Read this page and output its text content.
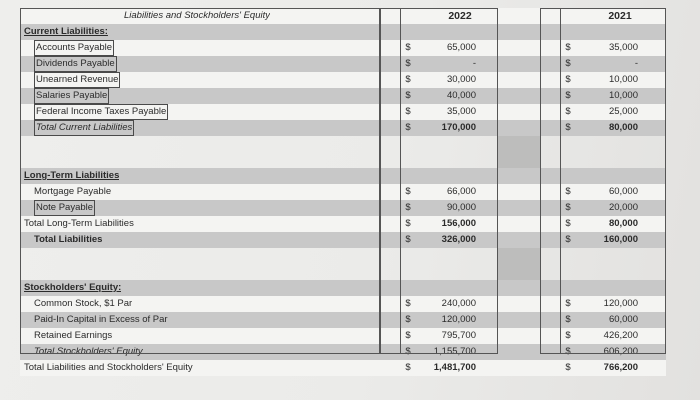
Liabilities and Stockholders' Equity	2022	2021
Current Liabilities:
Accounts Payable	$	65,000	$	35,000
Dividends Payable	$	-	$	-
Unearned Revenue	$	30,000	$	10,000
Salaries Payable	$	40,000	$	10,000
Federal Income Taxes Payable	$	35,000	$	25,000
Total Current Liabilities	$	170,000	$	80,000
Long-Term Liabilities
Mortgage Payable	$	66,000	$	60,000
Note Payable	$	90,000	$	20,000
Total Long-Term Liabilities	$	156,000	$	80,000
Total Liabilities	$	326,000	$	160,000
Stockholders' Equity:
Common Stock, $1 Par	$	240,000	$	120,000
Paid-In Capital in Excess of Par	$	120,000	$	60,000
Retained Earnings	$	795,700	$	426,200
Total Stockholders' Equity	$	1,155,700	$	606,200
Total Liabilities and Stockholders' Equity	$	1,481,700	$	766,200
